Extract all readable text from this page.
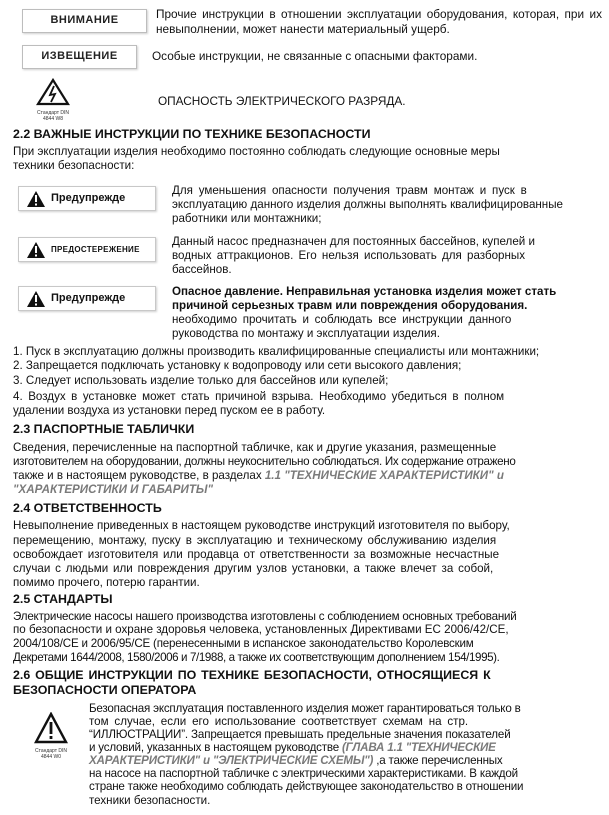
ВНИМАНИЕ	Прочие инструкции в отношении эксплуатации оборудования, которая, при их невыполнении, может нанести материальный ущерб.
ИЗВЕЩЕНИЕ	Особые инструкции, не связанные с опасными факторами.
Стандарт DIN 4844 W8
ОПАСНОСТЬ ЭЛЕКТРИЧЕСКОГО РАЗРЯДА.
2.2 ВАЖНЫЕ ИНСТРУКЦИИ ПО ТЕХНИКЕ БЕЗОПАСНОСТИ
При эксплуатации изделия необходимо постоянно соблюдать следующие основные меры
техники безопасности:
Предупрежде
Для уменьшения опасности получения травм монтаж и пуск в
эксплуатацию данного изделия должны выполнять квалифицированные
работники или монтажники;
ПРЕДОСТЕРЕЖЕНИЕ
Данный насос предназначен для постоянных бассейнов, купелей и
водных аттракционов. Его нельзя использовать для разборных
бассейнов.
Предупрежде	Опасное давление. Неправильная установка изделия может стать
причиной серьезных травм или повреждения оборудования.
необходимо прочитать и соблюдать все инструкции данного
руководства по монтажу и эксплуатации изделия.
1. Пуск в эксплуатацию должны производить квалифицированные специалисты или монтажники;
2. Запрещается подключать установку к водопроводу или сети высокого давления;
3. Следует использовать изделие только для бассейнов или купелей;
4. Воздух в установке может стать причиной взрыва. Необходимо убедиться в полном
удалении воздуха из установки перед пуском ее в работу.
2.3 ПАСПОРТНЫЕ ТАБЛИЧКИ
Сведения, перечисленные на паспортной табличке, как и другие указания, размещенные
изготовителем на оборудовании, должны неукоснительно соблюдаться. Их содержание отражено
также и в настоящем руководстве, в разделах 1.1 "ТЕХНИЧЕСКИЕ ХАРАКТЕРИСТИКИ" и
"ХАРАКТЕРИСТИКИ И ГАБАРИТЫ"
2.4 ОТВЕТСТВЕННОСТЬ
Невыполнение приведенных в настоящем руководстве инструкций изготовителя по выбору,
перемещению, монтажу, пуску в эксплуатацию и техническому обслуживанию изделия
освобождает изготовителя или продавца от ответственности за возможные несчастные
случаи с людьми или повреждения другим узлов установки, а также влечет за собой,
помимо прочего, потерю гарантии.
2.5 СТАНДАРТЫ
Электрические насосы нашего производства изготовлены с соблюдением основных требований
по безопасности и охране здоровья человека, установленных Директивами ЕС 2006/42/CE,
2004/108/CE и 2006/95/CE (перенесенными в испанское законодательство Королевским
Декретами 1644/2008, 1580/2006 и 7/1988, а также их соответствующим дополнением 154/1995).
2.6 ОБЩИЕ ИНСТРУКЦИИ ПО ТЕХНИКЕ БЕЗОПАСНОСТИ, ОТНОСЯЩИЕСЯ К
БЕЗОПАСНОСТИ ОПЕРАТОРА
Стандарт DIN 4844 W0
Безопасная эксплуатация поставленного изделия может гарантироваться только в
том случае, если его использование соответствует схемам на стр.
“ИЛЛЮСТРАЦИИ”. Запрещается превышать предельные значения показателей
и условий, указанных в настоящем руководстве (ГЛАВА 1.1 "ТЕХНИЧЕСКИЕ
ХАРАКТЕРИСТИКИ" и "ЭЛЕКТРИЧЕСКИЕ СХЕМЫ") ,а также перечисленных
на насосе на паспортной табличке с электрическими характеристиками. В каждой
стране также необходимо соблюдать действующее законодательство в отношении
техники безопасности.
